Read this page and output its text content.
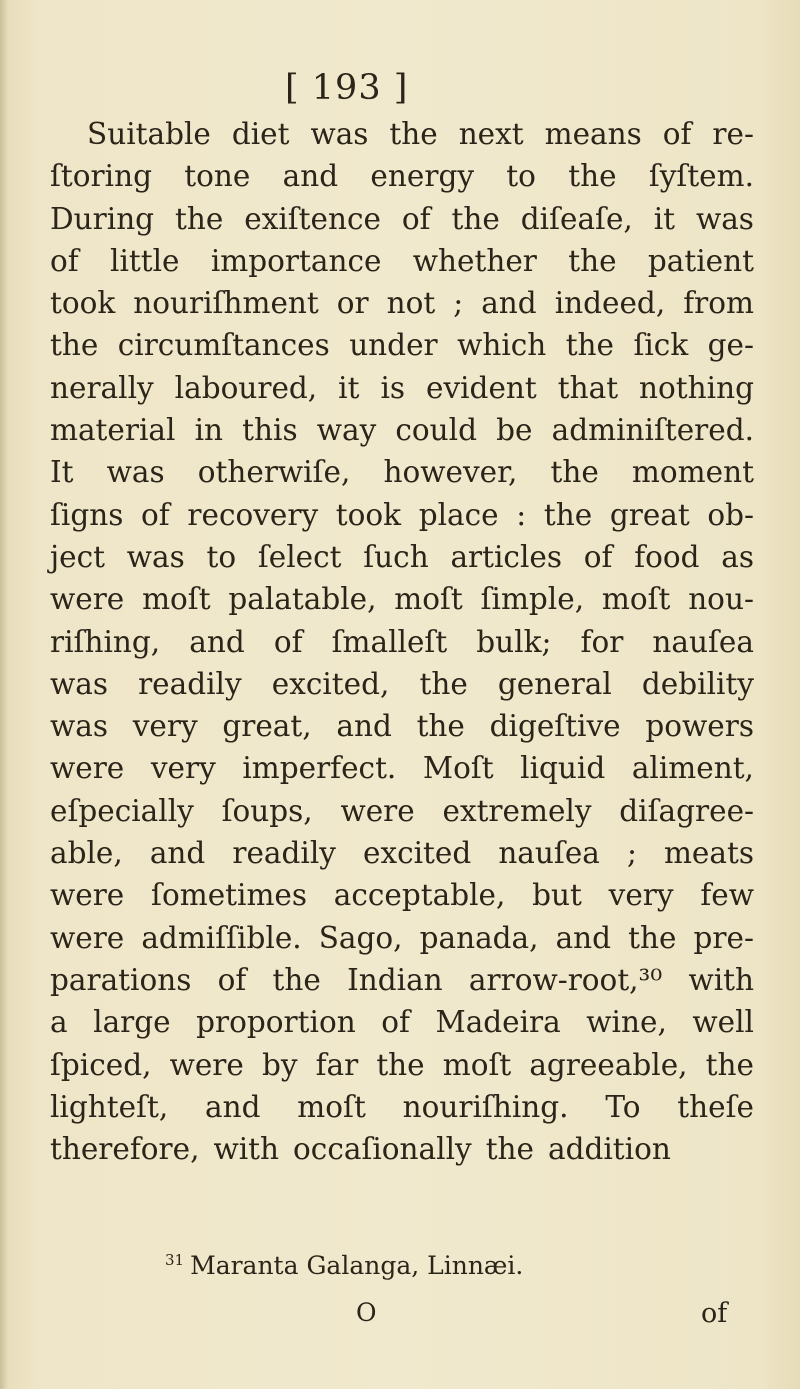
[ 193 ]
Suitable diet was the next means of re-
ſtoring tone and energy to the ſyſtem.
During the exiſtence of the diſeaſe, it was
of little importance whether the patient
took nouriſhment or not ; and indeed, from
the circumſtances under which the ſick ge-
nerally laboured, it is evident that nothing
material in this way could be adminiſtered.
It was otherwiſe, however, the moment
ſigns of recovery took place : the great ob-
ject was to ſelect ſuch articles of food as
were moſt palatable, moſt ſimple, moſt nou-
riſhing, and of ſmalleſt bulk; for nauſea
was readily excited, the general debility
was very great, and the digeſtive powers
were very imperfect. Moſt liquid aliment,
eſpecially ſoups, were extremely diſagree-
able, and readily excited nauſea ; meats
were ſometimes acceptable, but very few
were admiſſible. Sago, panada, and the pre-
parations of the Indian arrow-root,³⁰ with
a large proportion of Madeira wine, well
ſpiced, were by far the moſt agreeable, the
lighteſt, and moſt nouriſhing. To theſe
therefore, with occaſionally the addition
$^{31}$ Maranta Galanga, Linnæi.
O	of
